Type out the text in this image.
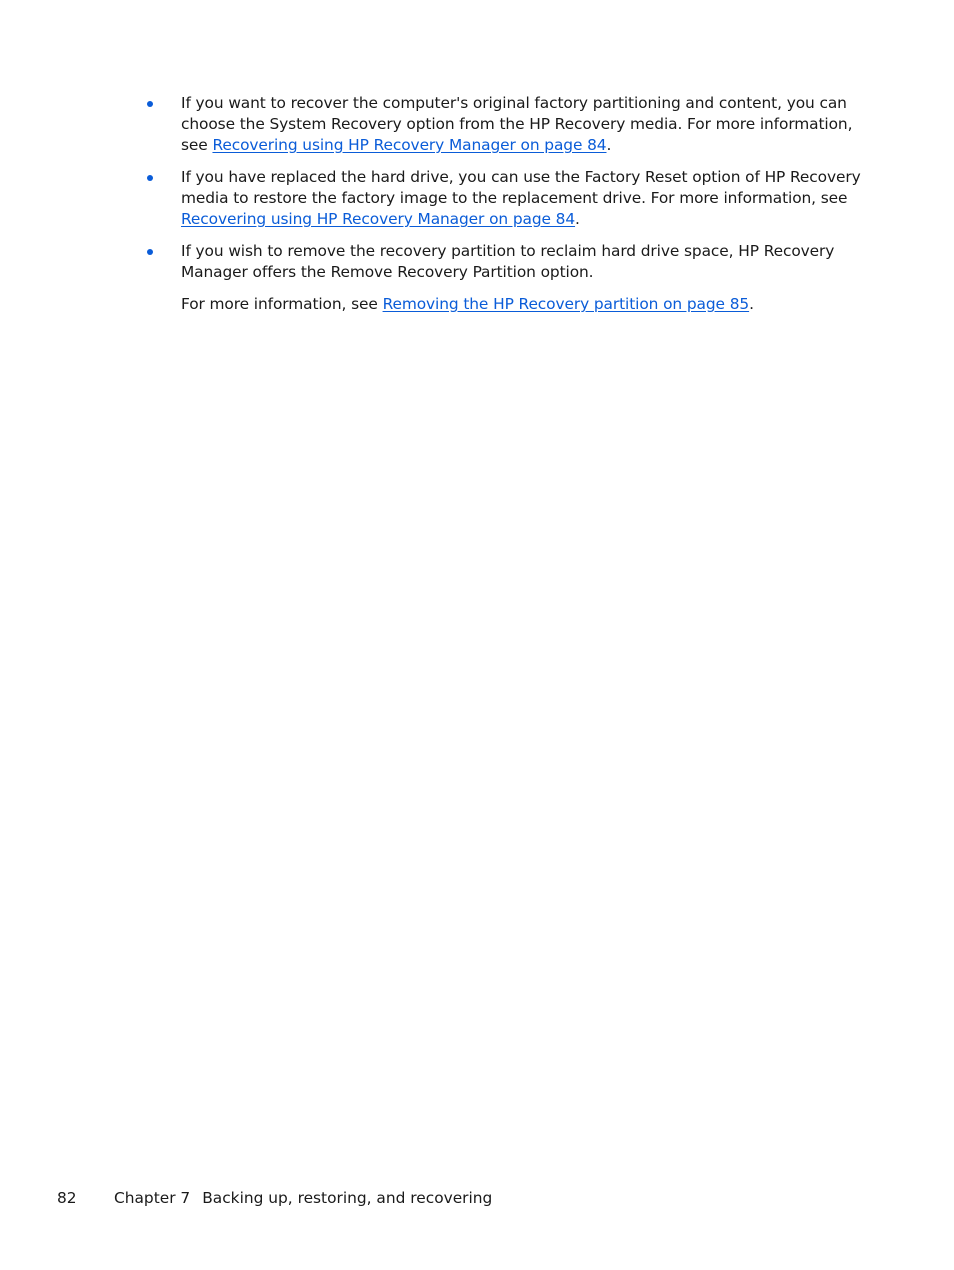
If you want to recover the computer's original factory partitioning and content, you can choose the System Recovery option from the HP Recovery media. For more information, see Recovering using HP Recovery Manager on page 84.

If you have replaced the hard drive, you can use the Factory Reset option of HP Recovery media to restore the factory image to the replacement drive. For more information, see Recovering using HP Recovery Manager on page 84.

If you wish to remove the recovery partition to reclaim hard drive space, HP Recovery Manager offers the Remove Recovery Partition option.

For more information, see Removing the HP Recovery partition on page 85.

82 Chapter 7 Backing up, restoring, and recovering
